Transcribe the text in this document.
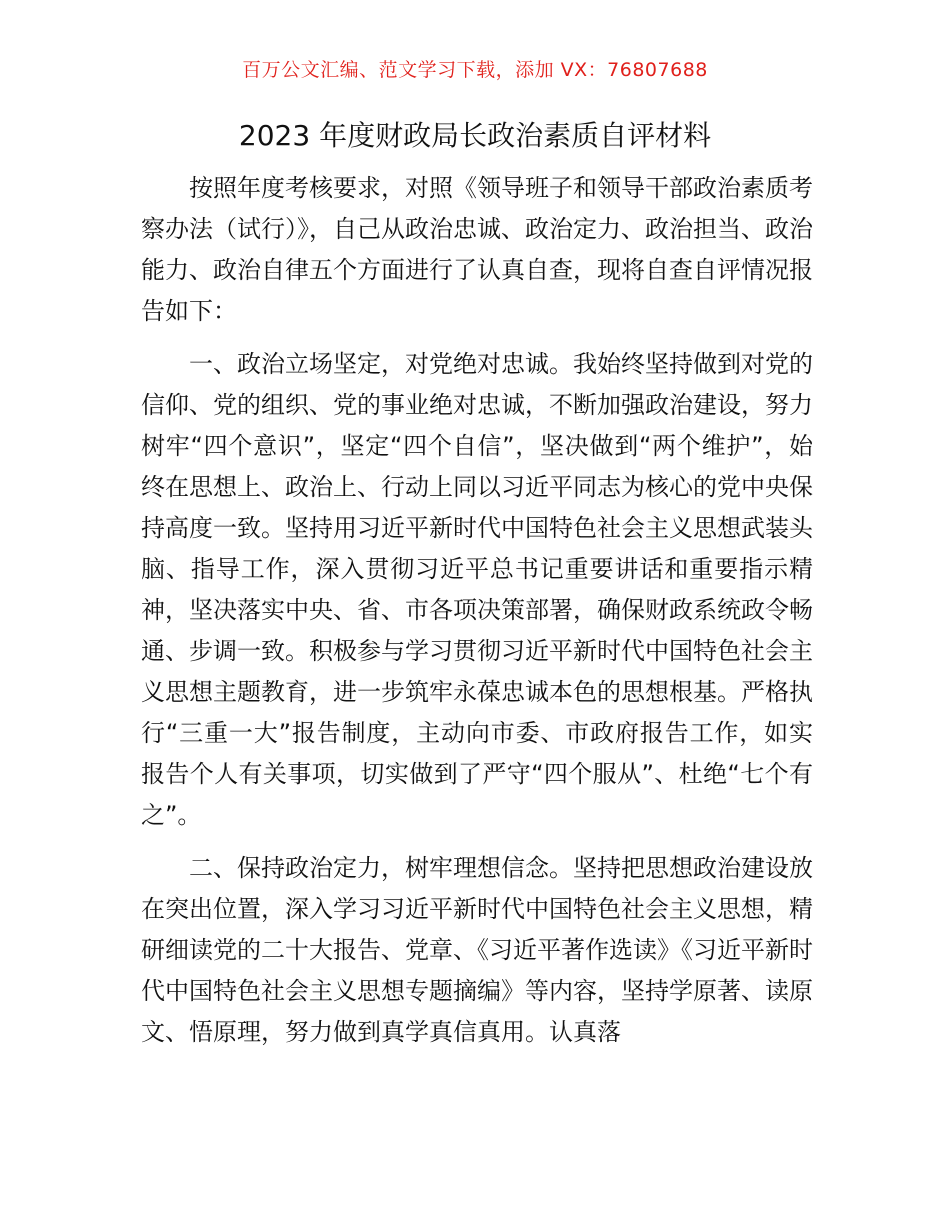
百万公文汇编、范文学习下载，添加 VX：76807688
2023 年度财政局长政治素质自评材料

按照年度考核要求，对照《领导班子和领导干部政治素质考察办法（试行）》，自己从政治忠诚、政治定力、政治担当、政治能力、政治自律五个方面进行了认真自查，现将自查自评情况报告如下：

一、政治立场坚定，对党绝对忠诚。我始终坚持做到对党的信仰、党的组织、党的事业绝对忠诚，不断加强政治建设，努力树牢“四个意识”，坚定“四个自信”，坚决做到“两个维护”，始终在思想上、政治上、行动上同以习近平同志为核心的党中央保持高度一致。坚持用习近平新时代中国特色社会主义思想武装头脑、指导工作，深入贯彻习近平总书记重要讲话和重要指示精神，坚决落实中央、省、市各项决策部署，确保财政系统政令畅通、步调一致。积极参与学习贯彻习近平新时代中国特色社会主义思想主题教育，进一步筑牢永葆忠诚本色的思想根基。严格执行“三重一大”报告制度，主动向市委、市政府报告工作，如实报告个人有关事项，切实做到了严守“四个服从”、杜绝“七个有之”。

二、保持政治定力，树牢理想信念。坚持把思想政治建设放在突出位置，深入学习习近平新时代中国特色社会主义思想，精研细读党的二十大报告、党章、《习近平著作选读》《习近平新时代中国特色社会主义思想专题摘编》等内容，坚持学原著、读原文、悟原理，努力做到真学真信真用。认真落
